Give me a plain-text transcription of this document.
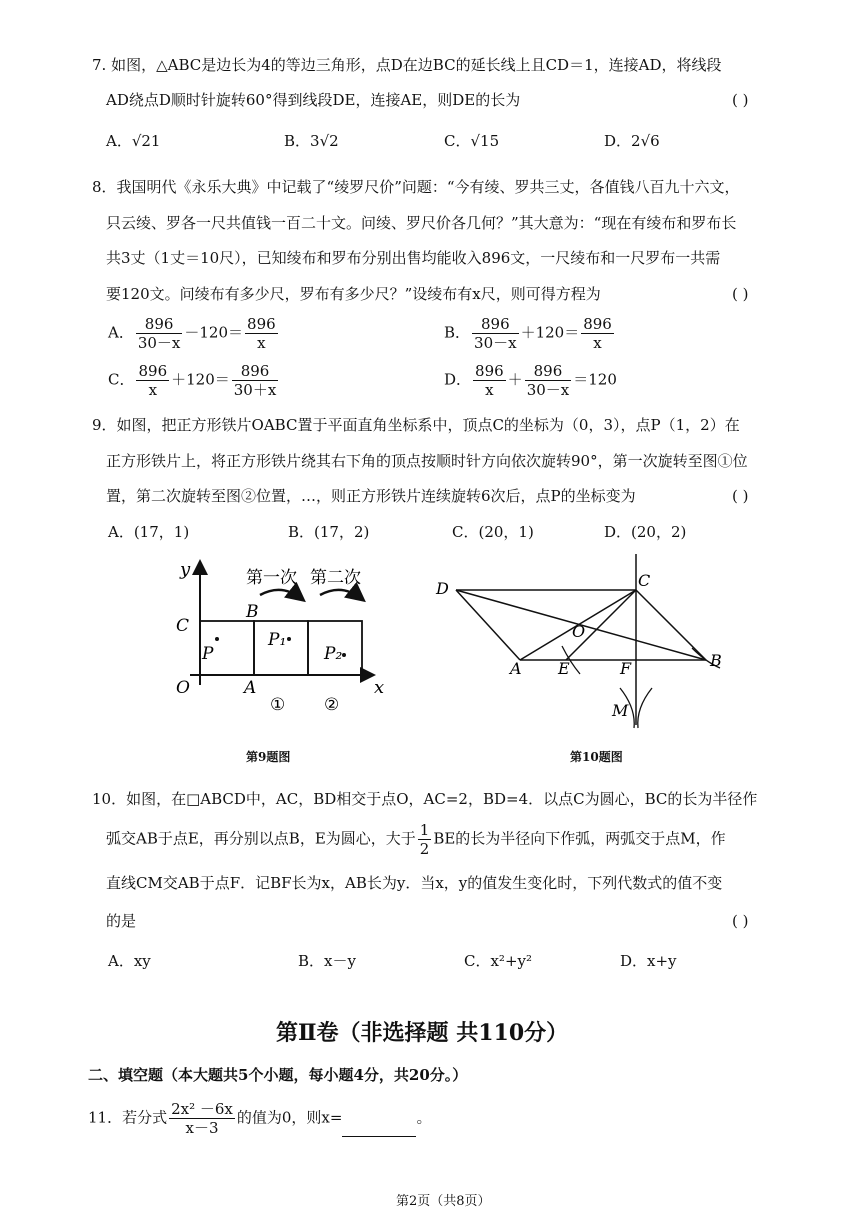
7. 如图，△ABC是边长为4的等边三角形，点D在边BC的延长线上且CD＝1，连接AD，将线段
AD绕点D顺时针旋转60°得到线段DE，连接AE，则DE的长为	( )
A．√21	B．3√2	C．√15	D．2√6
8．我国明代《永乐大典》中记载了“绫罗尺价”问题：“今有绫、罗共三丈，各值钱八百九十六文，
只云绫、罗各一尺共值钱一百二十文。问绫、罗尺价各几何？”其大意为：“现在有绫布和罗布长
共3丈（1丈＝10尺），已知绫布和罗布分别出售均能收入896文，一尺绫布和一尺罗布一共需
要120文。问绫布有多少尺，罗布有多少尺？”设绫布有x尺，则可得方程为	( )
A． $\frac{896}{30-x} -120= \frac{896}{x}$	B． $\frac{896}{30-x} +120= \frac{896}{x}$
C． $\frac{896}{x} +120= \frac{896}{30+x}$	D． $\frac{896}{x} + \frac{896}{30-x} =120$
9．如图，把正方形铁片OABC置于平面直角坐标系中，顶点C的坐标为（0，3），点P（1，2）在
正方形铁片上，将正方形铁片绕其右下角的顶点按顺时针方向依次旋转90°，第一次旋转至图①位
置，第二次旋转至图②位置，…，则正方形铁片连续旋转6次后，点P的坐标变为	( )
A．(17，1)	B．(17，2)	C．(20，1)	D．(20，2)
y
x
C
O	A
B
P
P₁
P₂
第一次 第二次
① ②
第9题图
D	C
O
A E	F	B
M
第10题图
10．如图，在□ABCD中，AC，BD相交于点O，AC=2，BD=4．以点C为圆心，BC的长为半径作
弧交AB于点E，再分别以点B，E为圆心，大于 $\frac{1}{2}$ BE的长为半径向下作弧，两弧交于点M，作
直线CM交AB于点F．记BF长为x，AB长为y．当x，y的值发生变化时，下列代数式的值不变
的是	( )
A．xy	B．x－y	C．x²+y²	D．x+y
第Ⅱ卷（非选择题 共110分）
二、填空题（本大题共5个小题，每小题4分，共20分。）
11．若分式 $\frac{\text{2x² －6x}}{x-3}$ 的值为0，则x=	。
第2页（共8页）
